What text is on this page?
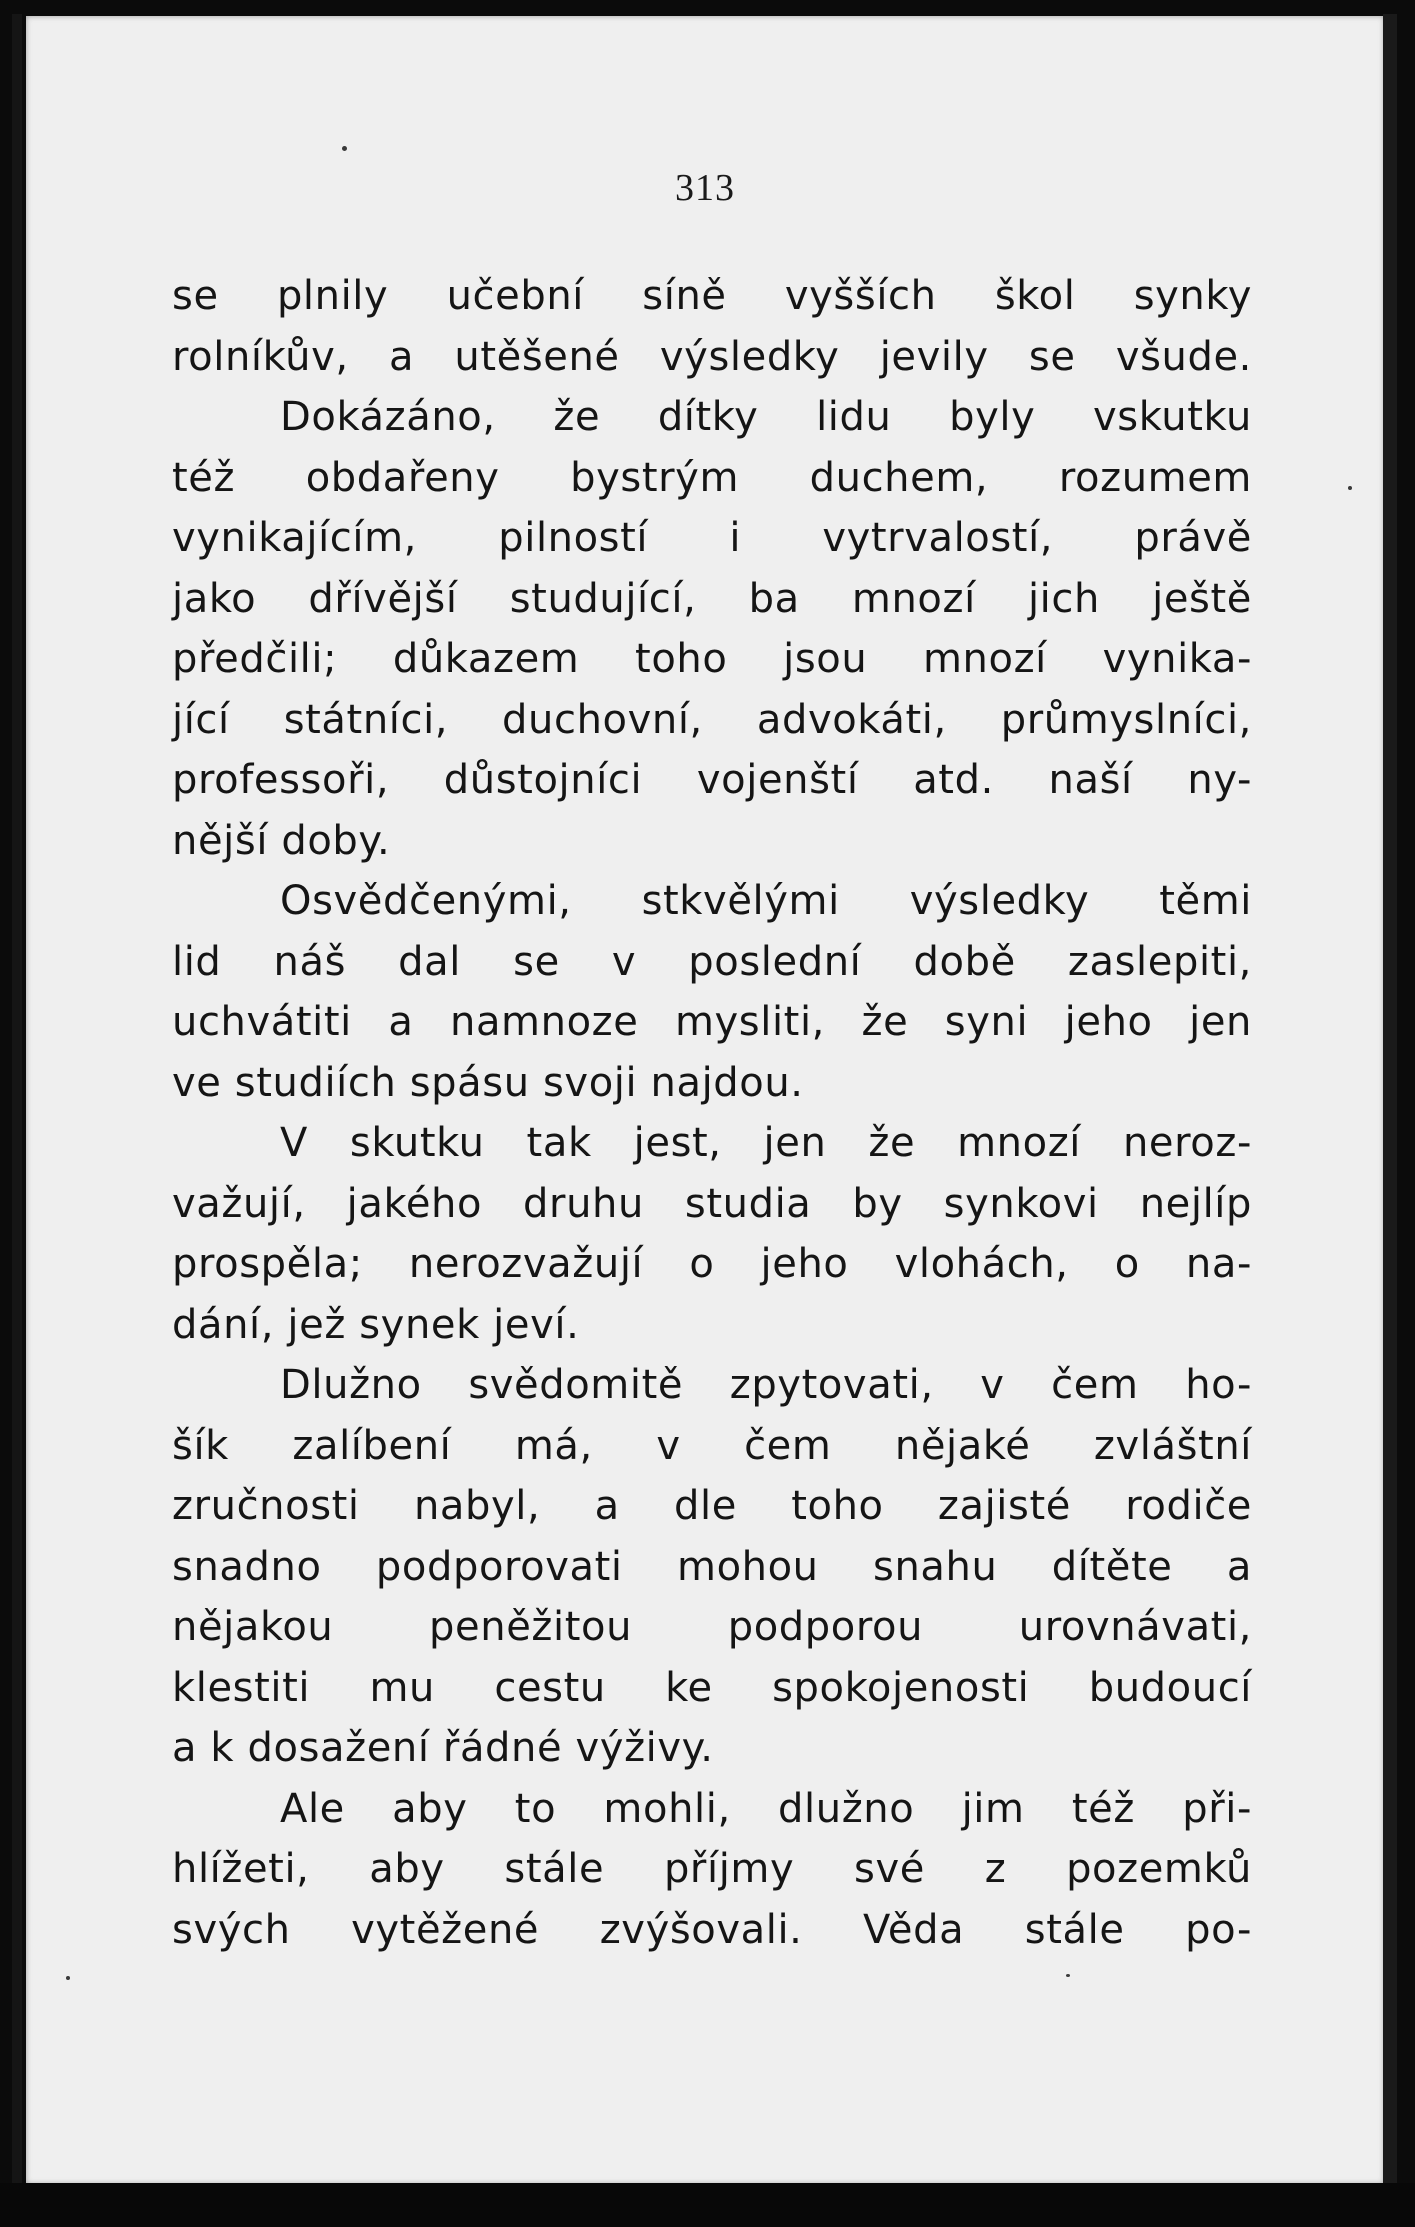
313
se plnily učební síně vyšších škol synky
rolníkův, a utěšené výsledky jevily se všude.
Dokázáno, že dítky lidu byly vskutku
též obdařeny bystrým duchem, rozumem
vynikajícím, pilností i vytrvalostí, právě
jako dřívější studující, ba mnozí jich ještě
předčili; důkazem toho jsou mnozí vynika-
jící státníci, duchovní, advokáti, průmyslníci,
professoři, důstojníci vojenští atd. naší ny-
nější doby.
Osvědčenými, stkvělými výsledky těmi
lid náš dal se v poslední době zaslepiti,
uchvátiti a namnoze mysliti, že syni jeho jen
ve studiích spásu svoji najdou.
V skutku tak jest, jen že mnozí neroz-
važují, jakého druhu studia by synkovi nejlíp
prospěla; nerozvažují o jeho vlohách, o na-
dání, jež synek jeví.
Dlužno svědomitě zpytovati, v čem ho-
šík zalíbení má, v čem nějaké zvláštní
zručnosti nabyl, a dle toho zajisté rodiče
snadno podporovati mohou snahu dítěte a
nějakou peněžitou podporou urovnávati,
klestiti mu cestu ke spokojenosti budoucí
a k dosažení řádné výživy.
Ale aby to mohli, dlužno jim též při-
hlížeti, aby stále příjmy své z pozemků
svých vytěžené zvýšovali. Věda stále po-
